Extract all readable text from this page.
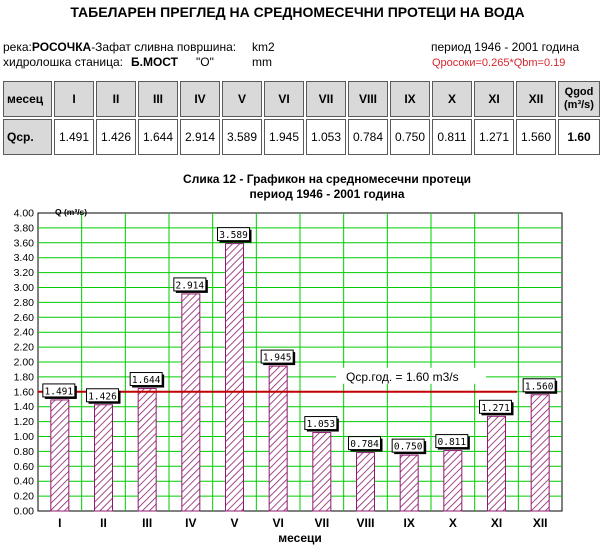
ТАБЕЛАРЕН ПРЕГЛЕД НА СРЕДНОМЕСЕЧНИ ПРОТЕЦИ НА ВОДА
река:РОСОЧКА-Зафат сливна површина: km2
хидролошка станица: Б.МОСТ "О"	mm
период 1946 - 2001 година
Qросоки=0.265*Qbm=0.19
месец	I	II	III	IV	V	VI	VII	VIII	IX	X	XI	XII	Qgod
(m³/s)
Qср.	1.491	1.426	1.644	2.914	3.589	1.945	1.053	0.784	0.750	0.811	1.271	1.560	1.60
Слика 12 - Графикон на средномесечни протеци
период 1946 - 2001 година
Qср.год. = 1.60 m3/s
1.491 1.426
1.644
2.914
3.589
1.945
1.053
0.784 0.750 0.811
1.271
1.560
0.00
0.20
0.40
0.60
0.80
1.00
1.20
1.40
1.60
1.80
2.00
2.20
2.40
2.60
2.80
3.00
3.20
3.40
3.60
3.80
4.00
I	II	III	IV	V	VI	VII VIII IX	X	XI	XII
Q (m³/s)
месеци
